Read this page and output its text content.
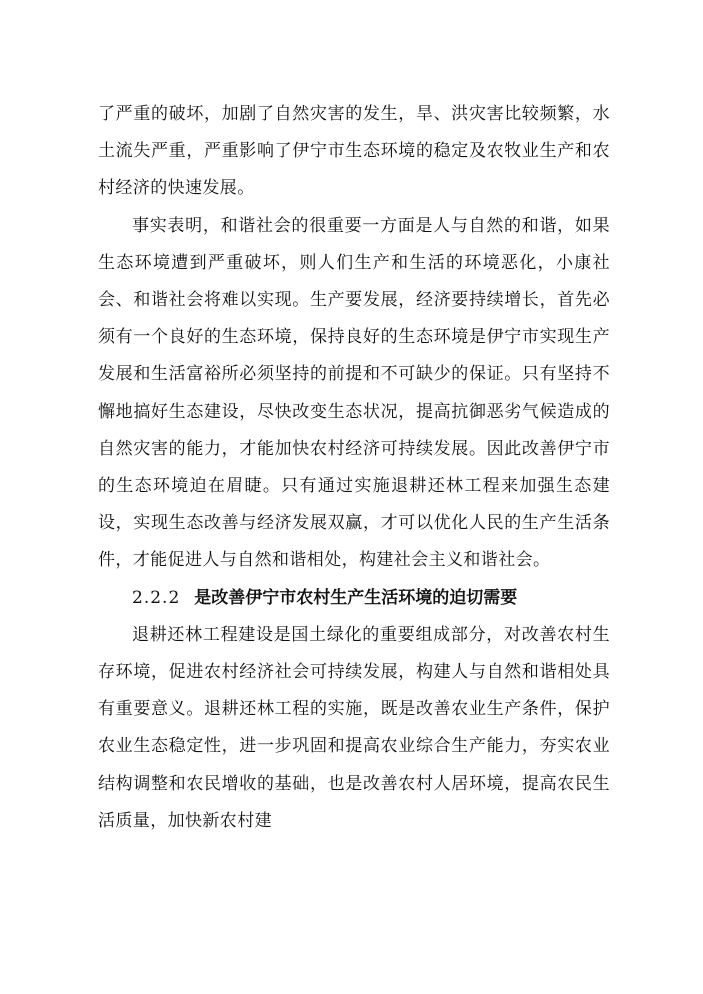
了严重的破坏，加剧了自然灾害的发生，旱、洪灾害比较频繁，水土流失严重，严重影响了伊宁市生态环境的稳定及农牧业生产和农村经济的快速发展。

事实表明，和谐社会的很重要一方面是人与自然的和谐，如果生态环境遭到严重破坏，则人们生产和生活的环境恶化，小康社会、和谐社会将难以实现。生产要发展，经济要持续增长，首先必须有一个良好的生态环境，保持良好的生态环境是伊宁市实现生产发展和生活富裕所必须坚持的前提和不可缺少的保证。只有坚持不懈地搞好生态建设，尽快改变生态状况，提高抗御恶劣气候造成的自然灾害的能力，才能加快农村经济可持续发展。因此改善伊宁市的生态环境迫在眉睫。只有通过实施退耕还林工程来加强生态建设，实现生态改善与经济发展双赢，才可以优化人民的生产生活条件，才能促进人与自然和谐相处，构建社会主义和谐社会。

2.2.2 是改善伊宁市农村生产生活环境的迫切需要

退耕还林工程建设是国土绿化的重要组成部分，对改善农村生存环境，促进农村经济社会可持续发展，构建人与自然和谐相处具有重要意义。退耕还林工程的实施，既是改善农业生产条件，保护农业生态稳定性，进一步巩固和提高农业综合生产能力，夯实农业结构调整和农民增收的基础，也是改善农村人居环境，提高农民生活质量，加快新农村建
